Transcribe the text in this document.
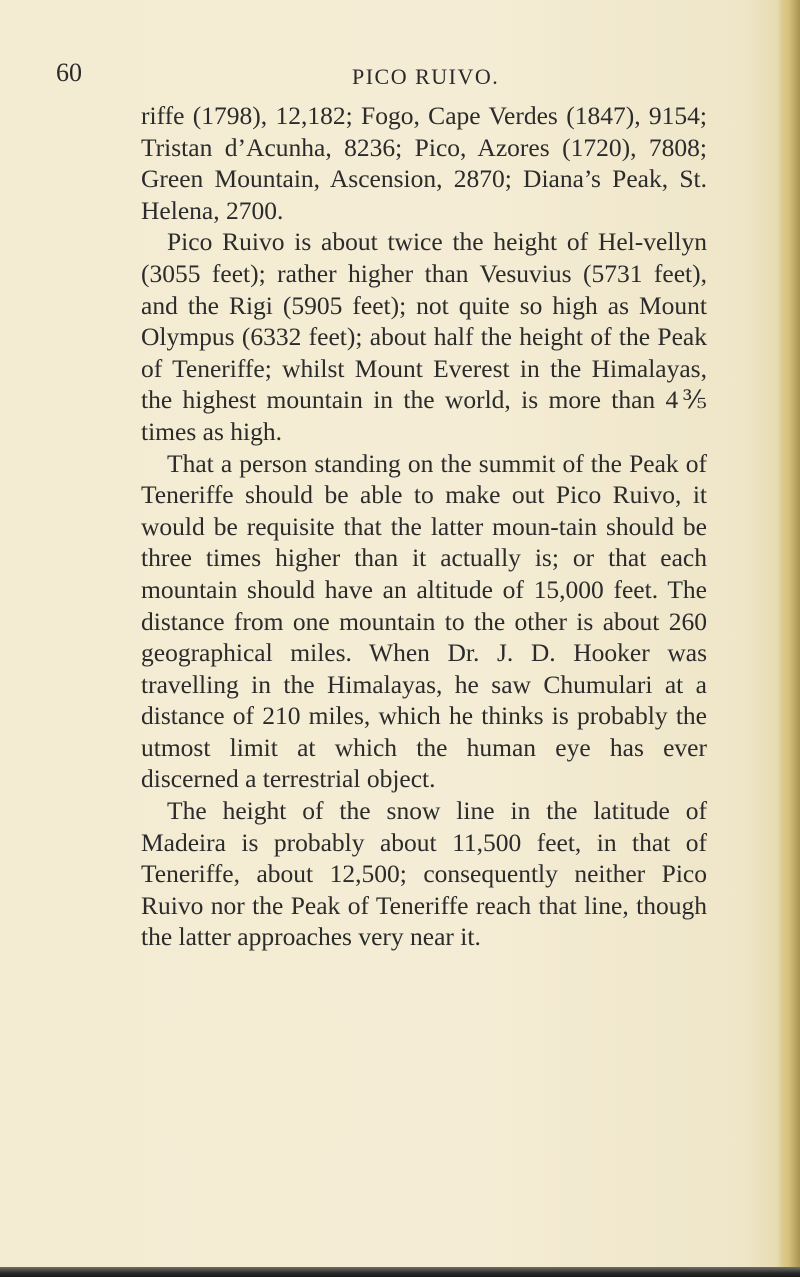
60	PICO RUIVO.

riffe (1798), 12,182; Fogo, Cape Verdes (1847), 9154; Tristan d’Acunha, 8236; Pico, Azores (1720), 7808; Green Mountain, Ascension, 2870; Diana’s Peak, St. Helena, 2700.

Pico Ruivo is about twice the height of Hel-vellyn (3055 feet); rather higher than Vesuvius (5731 feet), and the Rigi (5905 feet); not quite so high as Mount Olympus (6332 feet); about half the height of the Peak of Teneriffe; whilst Mount Everest in the Himalayas, the highest mountain in the world, is more than 4⅗ times as high.

That a person standing on the summit of the Peak of Teneriffe should be able to make out Pico Ruivo, it would be requisite that the latter moun-tain should be three times higher than it actually is; or that each mountain should have an altitude of 15,000 feet. The distance from one mountain to the other is about 260 geographical miles. When Dr. J. D. Hooker was travelling in the Himalayas, he saw Chumulari at a distance of 210 miles, which he thinks is probably the utmost limit at which the human eye has ever discerned a terrestrial object.

The height of the snow line in the latitude of Madeira is probably about 11,500 feet, in that of Teneriffe, about 12,500; consequently neither Pico Ruivo nor the Peak of Teneriffe reach that line, though the latter approaches very near it.
